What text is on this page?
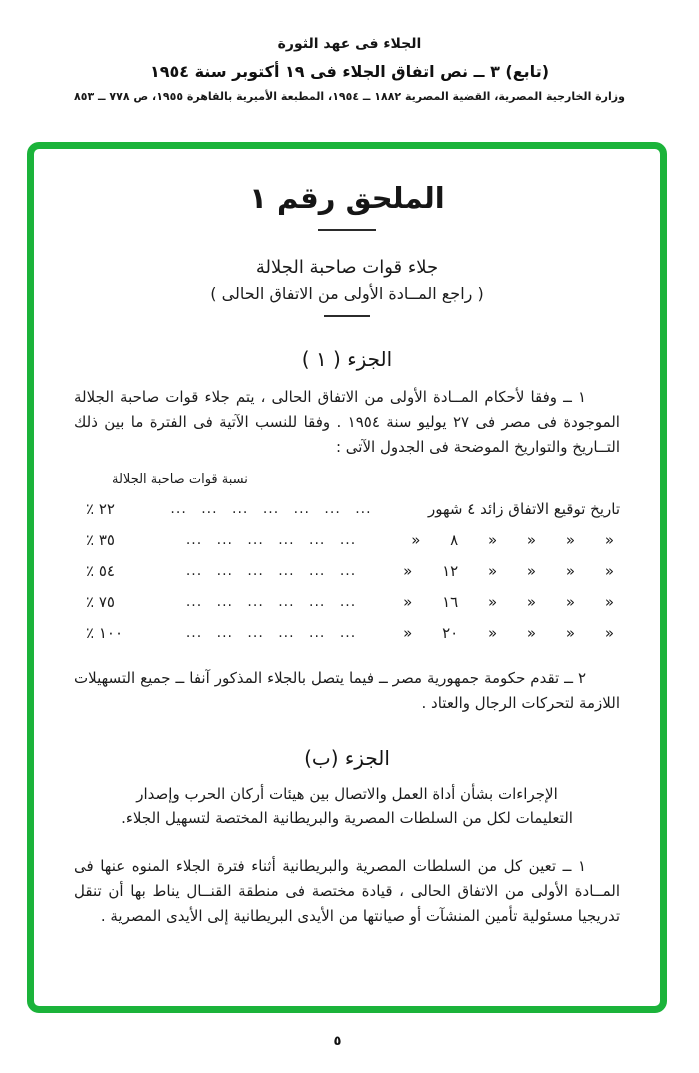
الجلاء فى عهد الثورة
(تابع) ٣ ــ نص اتفاق الجلاء فى ١٩ أكتوبر سنة ١٩٥٤
وزارة الخارجية المصرية، القضية المصرية ١٨٨٢ ــ ١٩٥٤، المطبعة الأميرية بالقاهرة ١٩٥٥، ص ٧٧٨ ــ ٨٥٣
الملحق رقم ١
جلاء قوات صاحبة الجلالة
( راجع المــادة الأولى من الاتفاق الحالى )
الجزء ( ١ )
١ ــ وفقا لأحكام المــادة الأولى من الاتفاق الحالى ، يتم جلاء قوات صاحبة الجلالة الموجودة فى مصر فى ٢٧ يوليو سنة ١٩٥٤ . وفقا للنسب الآتية فى الفترة ما بين ذلك التــاريخ والتواريخ الموضحة فى الجدول الآتى :
نسبة قوات صاحبة الجلالة
تاريخ توقيع الاتفاق زائد ٤ شهور
... ... ... ... ... ... ...
٢٢ ٪
« « « « ٨ «
... ... ... ... ... ...
٣٥ ٪
« « « « ١٢ «
... ... ... ... ... ...
٥٤ ٪
« « « « ١٦ «
... ... ... ... ... ...
٧٥ ٪
« « « « ٢٠ «
... ... ... ... ... ...
١٠٠ ٪
٢ ــ تقدم حكومة جمهورية مصر ــ فيما يتصل بالجلاء المذكور آنفا ــ جميع التسهيلات اللازمة لتحركات الرجال والعتاد .
الجزء (ب)
الإجراءات بشأن أداة العمل والاتصال بين هيئات أركان الحرب وإصدار
التعليمات لكل من السلطات المصرية والبريطانية المختصة لتسهيل الجلاء.
١ ــ تعين كل من السلطات المصرية والبريطانية أثناء فترة الجلاء المنوه عنها فى المــادة الأولى من الاتفاق الحالى ، قيادة مختصة فى منطقة القنــال يناط بها أن تنقل تدريجيا مسئولية تأمين المنشآت أو صيانتها من الأيدى البريطانية إلى الأيدى المصرية .
٥
